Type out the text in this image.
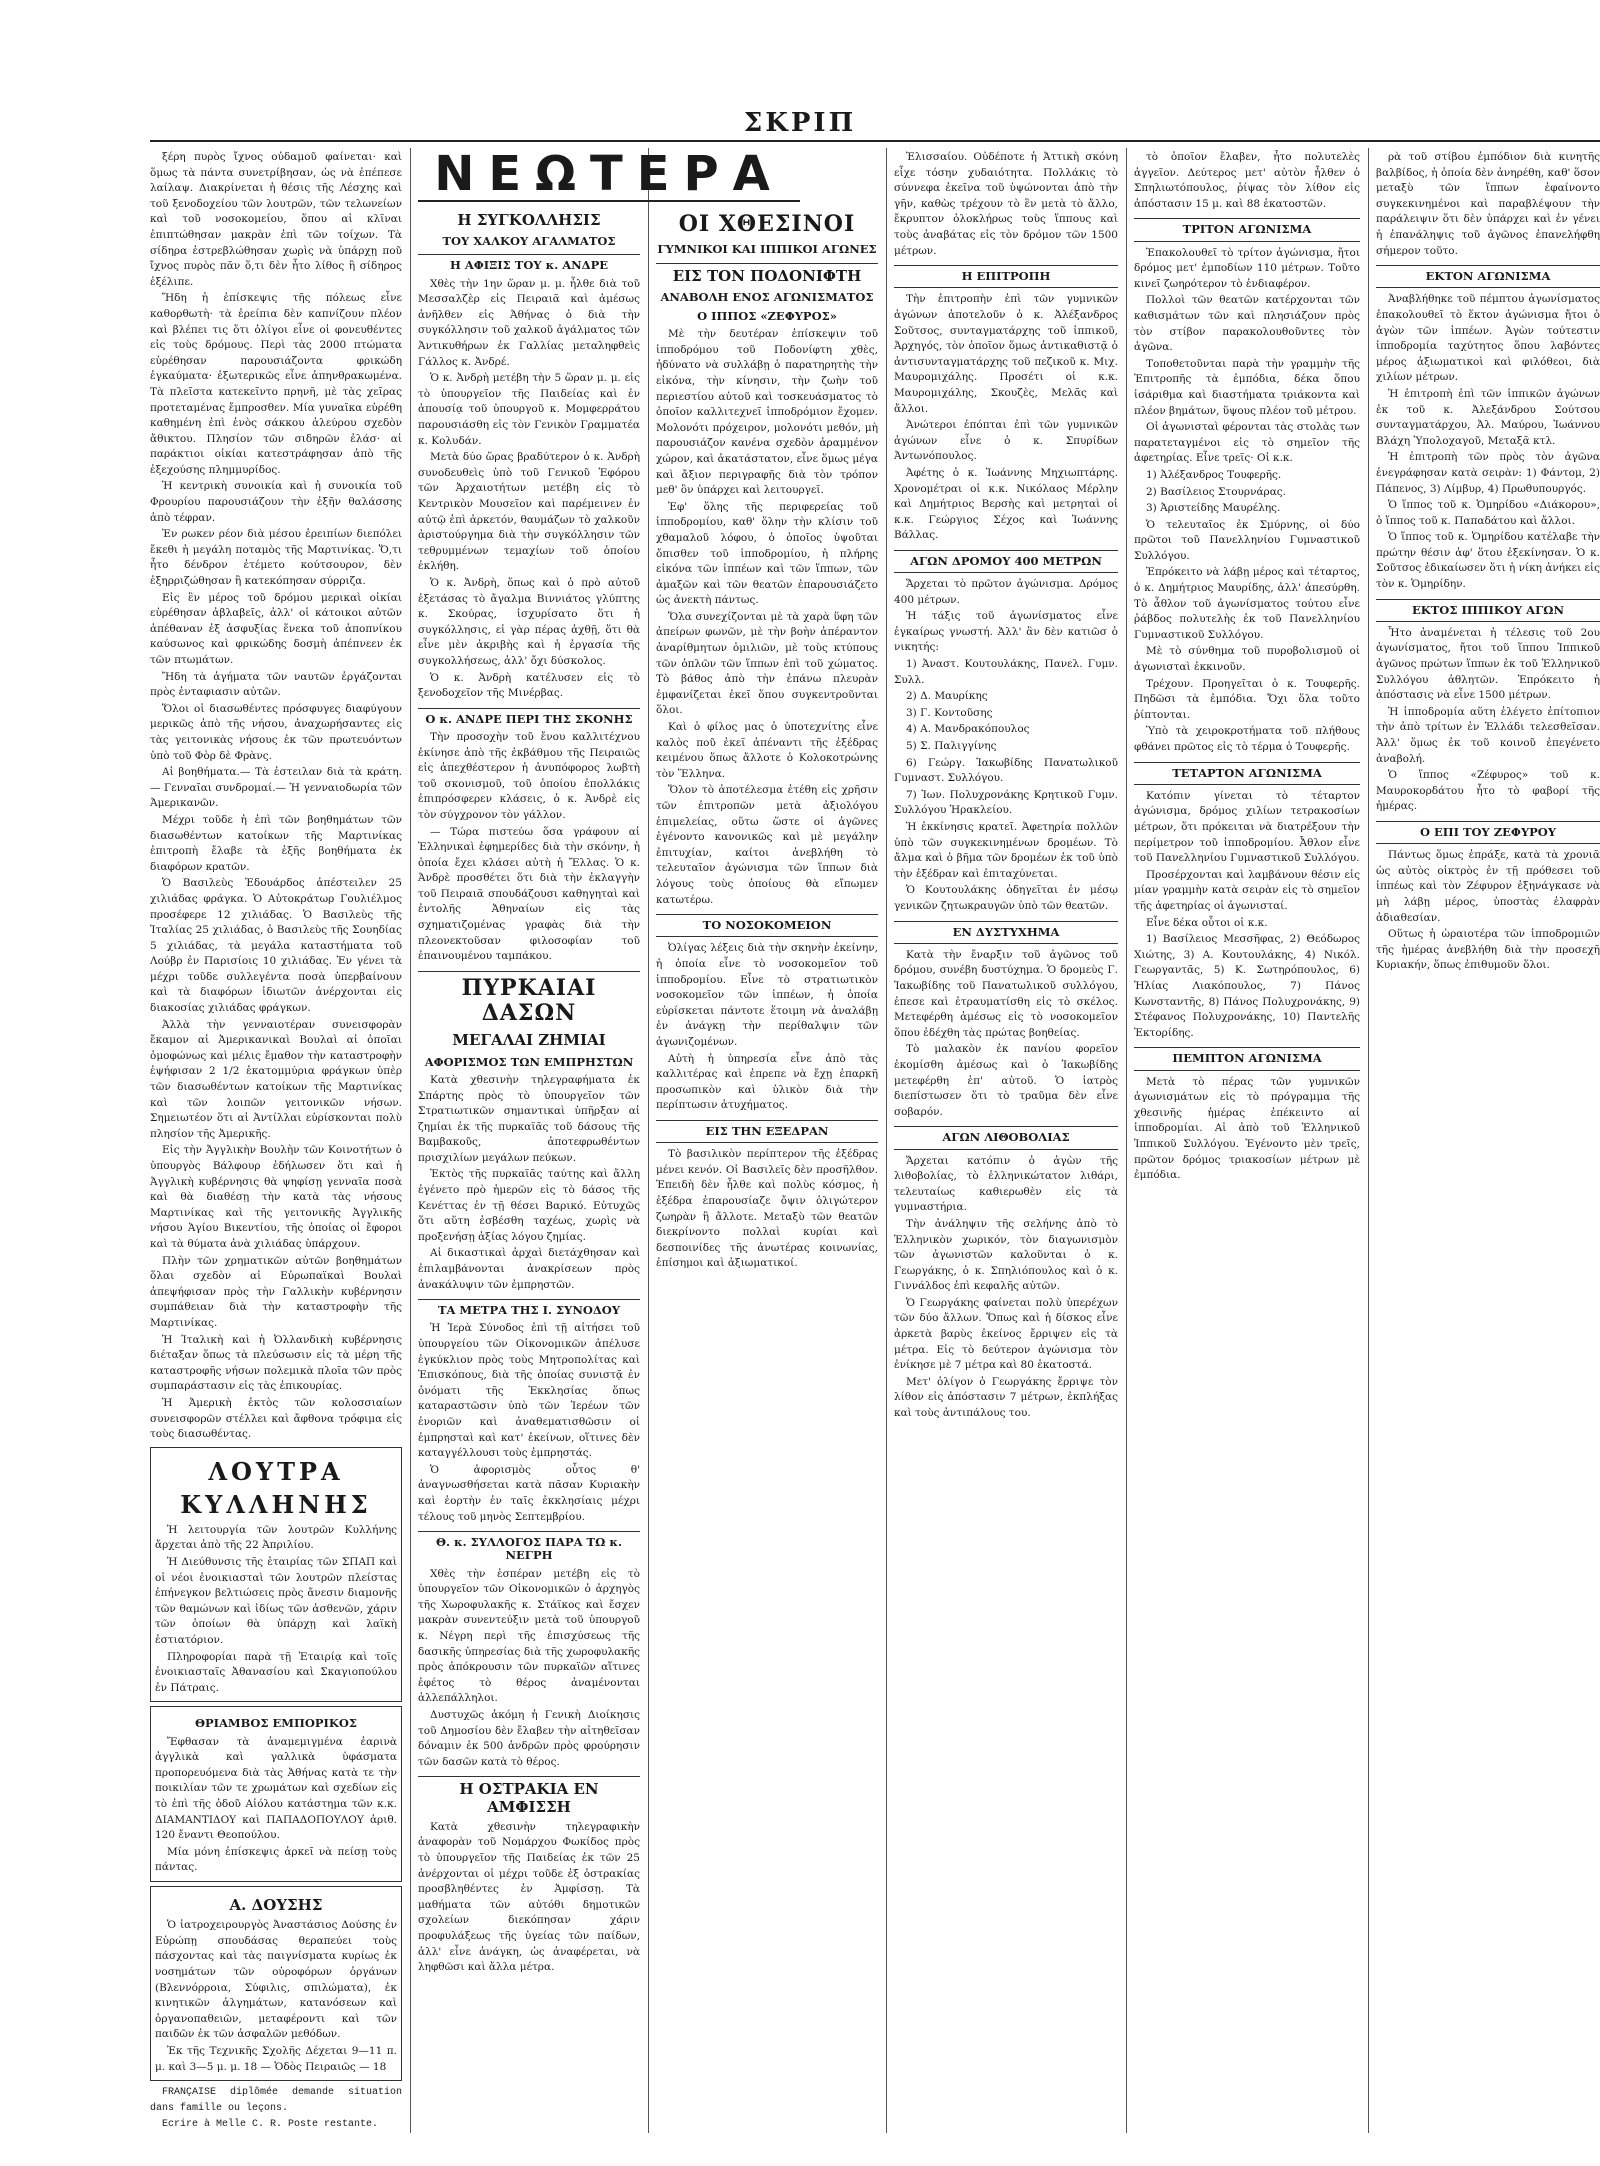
ΣΚΡΙΠ

ξέρη πυρὸς ἴχνος οὐδαμοῦ φαίνεται· καὶ ὅμως τὰ πάντα συνετρίβησαν, ὡς νὰ ἐπέπεσε λαίλαψ. Διακρίνεται ἡ θέσις τῆς Λέσχης καὶ τοῦ ξενοδοχείου τῶν λουτρῶν, τῶν τελωνείων καὶ τοῦ νοσοκομείου, ὅπου αἱ κλῖναι ἐπιπτώθησαν μακρὰν ἐπὶ τῶν τοίχων. Τὰ σίδηρα ἐστρεβλώθησαν χωρὶς νὰ ὑπάρχῃ ποῦ ἴχνος πυρὸς πᾶν ὅ,τι δὲν ἦτο λίθος ἢ σίδηρος ἐξέλιπε.

Ἤδη ἡ ἐπίσκεψις τῆς πόλεως εἶνε καθορθωτὴ· τὰ ἐρείπια δὲν καπνίζουν πλέον καὶ βλέπει τις ὅτι ὀλίγοι εἶνε οἱ φονευθέντες εἰς τοὺς δρόμους. Περὶ τὰς 2000 πτώματα εὑρέθησαν παρουσιάζοντα φρικώδη ἐγκαύματα· ἐξωτερικῶς εἶνε ἀπηνθρακωμένα. Τὰ πλεῖστα κατεκεῖντο πρηνῆ, μὲ τὰς χεῖρας προτεταμένας ἔμπροσθεν. Μία γυναῖκα εὑρέθη καθημένη ἐπὶ ἑνὸς σάκκου ἀλεύρου σχεδὸν ἄθικτου. Πλησίον τῶν σιδηρῶν ἐλάσ· αἱ παράκτιοι οἰκίαι κατεστράφησαν ἀπὸ τῆς ἐξεχούσης πλημμυρίδος.

Ἡ κεντρικὴ συνοικία καὶ ἡ συνοικία τοῦ Φρουρίου παρουσιάζουν τὴν ἐξῆν θαλάσσης ἀπὸ τέφραν.

Ἐν ρωκεν ρέον διὰ μέσου ἐρειπίων διεπόλει ἔκεθι ἡ μεγάλη ποταμὸς τῆς Μαρτινίκας. Ὅ,τι ἦτο δένδρον ἐτέμετο κούτσουρον, δὲν ἐξηρριζώθησαν ἢ κατεκόπησαν σύρριζα.

Εἰς ἓν μέρος τοῦ δρόμου μερικαὶ οἰκίαι εὑρέθησαν ἀβλαβεῖς, ἀλλ' οἱ κάτοικοι αὐτῶν ἀπέθαναν ἐξ ἀσφυξίας ἕνεκα τοῦ ἀποπνίκου καύσωνος καὶ φρικώδης δοσμὴ ἀπέπνεεν ἐκ τῶν πτωμάτων.

Ἤδη τὰ ἀγήματα τῶν ναυτῶν ἐργάζονται πρὸς ἐνταφιασιν αὐτῶν.

Ὅλοι οἱ διασωθέντες πρόσφυγες διαφύγουν μερικῶς ἀπὸ τῆς νήσου, ἀναχωρήσαντες εἰς τὰς γειτονικὰς νήσους ἐκ τῶν πρωτευόντων ὑπὸ τοῦ Φὸρ δὲ Φρὰνς.

Αἱ βοηθήματα.— Τὰ ἐστειλαν διὰ τὰ κράτη.— Γενναῖαι συνδρομαί.— Ἡ γενναιοδωρία τῶν Ἀμερικανῶν.

Μέχρι τοῦδε ἡ ἐπὶ τῶν βοηθημάτων τῶν διασωθέντων κατοίκων τῆς Μαρτινίκας ἐπιτροπὴ ἔλαβε τὰ ἑξῆς βοηθήματα ἐκ διαφόρων κρατῶν.

Ὁ Βασιλεὺς Ἐδουάρδος ἀπέστειλεν 25 χιλιάδας φράγκα. Ὁ Αὐτοκράτωρ Γουλιέλμος προσέφερε 12 χιλιάδας. Ὁ Βασιλεὺς τῆς Ἰταλίας 25 χιλιάδας, ὁ Βασιλεὺς τῆς Σουηδίας 5 χιλιάδας, τὰ μεγάλα καταστήματα τοῦ Λούβρ ἐν Παρισίοις 10 χιλιάδας. Ἐν γένει τὰ μέχρι τοῦδε συλλεγέντα ποσὰ ὑπερβαίνουν καὶ τὰ διαφόρων ἰδιωτῶν ἀνέρχονται εἰς διακοσίας χιλιάδας φράγκων.

Ἀλλὰ τὴν γενναιοτέραν συνεισφορὰν ἔκαμον αἱ Ἀμερικανικαὶ Βουλαὶ αἱ ὁποῖαι ὁμοφώνως καὶ μέλις ἔμαθον τὴν καταστροφὴν ἐψήφισαν 2 1/2 ἑκατομμύρια φράγκων ὑπὲρ τῶν διασωθέντων κατοίκων τῆς Μαρτινίκας καὶ τῶν λοιπῶν γειτονικῶν νήσων. Σημειωτέον ὅτι αἱ Ἀντίλλαι εὑρίσκονται πολὺ πλησίον τῆς Ἀμερικῆς.

Εἰς τὴν Ἀγγλικὴν Βουλὴν τῶν Κοινοτήτων ὁ ὑπουργὸς Βάλφουρ ἐδήλωσεν ὅτι καὶ ἡ Ἀγγλικὴ κυβέρνησις θὰ ψηφίσῃ γενναῖα ποσὰ καὶ θὰ διαθέσῃ τὴν κατὰ τὰς νήσους Μαρτινίκας καὶ τῆς γειτονικῆς Ἀγγλικῆς νήσου Ἁγίου Βικεντίου, τῆς ὁποίας οἱ ἔφοροι καὶ τὰ θύματα ἀνὰ χιλιάδας ὑπάρχουν.

Πλὴν τῶν χρηματικῶν αὐτῶν βοηθημάτων ὅλαι σχεδὸν αἱ Εὐρωπαϊκαὶ Βουλαὶ ἀπεψήφισαν πρὸς τὴν Γαλλικὴν κυβέρνησιν συμπάθειαν διὰ τὴν καταστροφὴν τῆς Μαρτινίκας.

Ἡ Ἰταλικὴ καὶ ἡ Ὀλλανδικὴ κυβέρνησις διέταξαν ὅπως τὰ πλεύσωσιν εἰς τὰ μέρη τῆς καταστροφῆς νήσων πολεμικὰ πλοῖα τῶν πρὸς συμπαράστασιν εἰς τὰς ἐπικουρίας.

Ἡ Ἀμερικὴ ἐκτὸς τῶν κολοσσιαίων συνεισφορῶν στέλλει καὶ ἄφθονα τρόφιμα εἰς τοὺς διασωθέντας.

ΛΟΥΤΡΑ
ΚΥΛΛΗΝΗΣ

Ἡ λειτουργία τῶν λουτρῶν Κυλλήνης ἄρχεται ἀπὸ τῆς 22 Ἀπριλίου.

Ἡ Διεύθυνσις τῆς ἑταιρίας τῶν ΣΠΑΠ καὶ οἱ νέοι ἐνοικιασταὶ τῶν λουτρῶν πλείστας ἐπήνεγκον βελτιώσεις πρὸς ἄνεσιν διαμονῆς τῶν θαμώνων καὶ ἰδίως τῶν ἀσθενῶν, χάριν τῶν ὁποίων θὰ ὑπάρχῃ καὶ λαϊκὴ ἐστιατόριον.

Πληροφορίαι παρὰ τῇ Ἑταιρίᾳ καὶ τοῖς ἐνοικιασταῖς Ἀθανασίου καὶ Σκαγιοπούλου ἐν Πάτραις.

ΘΡΙΑΜΒΟΣ ΕΜΠΟΡΙΚΟΣ

Ἔφθασαν τὰ ἀναμεμιγμένα ἐαρινὰ ἀγγλικὰ καὶ γαλλικὰ ὑφάσματα προπορευόμενα διὰ τὰς Ἀθήνας κατὰ τε τὴν ποικιλίαν τῶν τε χρωμάτων καὶ σχεδίων εἰς τὸ ἐπὶ τῆς ὁδοῦ Αἰόλου κατάστημα τῶν κ.κ. ΔΙΑΜΑΝΤΙΔΟΥ καὶ ΠΑΠΑΔΟΠΟΥΛΟΥ ἀριθ. 120 ἔναντι Θεοπούλου.

Μία μόνη ἐπίσκεψις ἀρκεῖ νὰ πείσῃ τοὺς πάντας.

Α. ΔΟΥΣΗΣ

Ὁ ἰατροχειρουργὸς Ἀναστάσιος Δούσης ἐν Εὐρώπῃ σπουδάσας θεραπεύει τοὺς πάσχοντας καὶ τὰς παιγνίσματα κυρίως ἐκ νοσημάτων τῶν οὐροφόρων ὀργάνων (Βλεννόρροια, Σύφιλις, σπιλώματα), ἐκ κινητικῶν ἀλγημάτων, κατανόσεων καὶ ὀργανοπαθειῶν, μεταφέροντι καὶ τῶν παιδῶν ἐκ τῶν ἀσφαλῶν μεθόδων.

Ἐκ τῆς Τεχνικῆς Σχολῆς Δέχεται 9—11 π. μ. καὶ 3—5 μ. μ. 18 — Ὁδὸς Πειραιῶς — 18

FRANÇAISE diplômée demande situation dans famille ou leçons.

Ecrire à Melle C. R. Poste restante.

ΝΕΩΤΕΡΑ
Η ΣΥΓΚΟΛΛΗΣΙΣ
ΤΟΥ ΧΑΛΚΟΥ ΑΓΑΛΜΑΤΟΣ
Η ΑΦΙΞΙΣ ΤΟΥ κ. ΑΝΔΡΕ

Χθὲς τὴν 1ην ὥραν μ. μ. ἦλθε διὰ τοῦ Μεσσαλζὲρ εἰς Πειραιᾶ καὶ ἀμέσως ἀνῆλθεν εἰς Ἀθήνας ὁ διὰ τὴν συγκόλλησιν τοῦ χαλκοῦ ἀγάλματος τῶν Ἀντικυθήρων ἐκ Γαλλίας μεταληφθεὶς Γάλλος κ. Ἀνδρέ.

Ὁ κ. Ἀνδρὴ μετέβη τὴν 5 ὥραν μ. μ. εἰς τὸ ὑπουργεῖον τῆς Παιδείας καὶ ἐν ἀπουσίᾳ τοῦ ὑπουργοῦ κ. Μομφερράτου παρουσιάσθη εἰς τὸν Γενικὸν Γραμματέα κ. Κολυδάν.

Μετὰ δύο ὥρας βραδύτερον ὁ κ. Ἀνδρὴ συνοδευθεὶς ὑπὸ τοῦ Γενικοῦ Ἐφόρου τῶν Ἀρχαιοτήτων μετέβη εἰς τὸ Κεντρικὸν Μουσεῖον καὶ παρέμεινεν ἐν αὐτῷ ἐπὶ ἀρκετόν, θαυμάζων τὸ χαλκοῦν ἀριστούργημα διὰ τὴν συγκόλλησιν τῶν τεθρυμμένων τεμαχίων τοῦ ὁποίου ἐκλήθη.

Ὁ κ. Ἀνδρὴ, ὅπως καὶ ὁ πρὸ αὐτοῦ ἐξετάσας τὸ ἄγαλμα Βιννιάτος γλύπτης κ. Σκούρας, ἰσχυρίσατο ὅτι ἡ συγκόλλησις, εἰ γὰρ πέρας ἀχθῇ, ὅτι θὰ εἶνε μὲν ἀκριβὴς καὶ ἡ ἐργασία τῆς συγκολλήσεως, ἀλλ' ὄχι δύσκολος.

Ὁ κ. Ἀνδρὴ κατέλυσεν εἰς τὸ ξενοδοχεῖον τῆς Μινέρβας.

Ο κ. ΑΝΔΡΕ ΠΕΡΙ ΤΗΣ ΣΚΟΝΗΣ

Τὴν προσοχὴν τοῦ ἔνου καλλιτέχνου ἐκίνησε ἀπὸ τῆς ἐκβάθμου τῆς Πειραιῶς εἰς ἀπεχθέστερον ἡ ἀνυπόφορος λωβτὴ τοῦ σκονισμοῦ, τοῦ ὁποίου ἐπολλάκις ἐπιπρόσφερεν κλάσεις, ὁ κ. Ἀνδρὲ εἰς τὸν σύγχρονον τὸν γάλλον.

— Τώρα πιστεύω ὅσα γράφουν αἱ Ἑλληνικαὶ ἐφημερίδες διὰ τὴν σκόνην, ἡ ὁποία ἔχει κλάσει αὐτὴ ἡ Ἔλλας. Ὁ κ. Ἀνδρὲ προσθέτει ὅτι διὰ τὴν ἐκλαγγὴν τοῦ Πειραιᾶ σπουδάζουσι καθηγηταὶ καὶ ἐντολῆς Ἀθηναίων εἰς τὰς σχηματιζομένας γραφὰς διὰ τὴν πλεονεκτοῦσαν φιλοσοφίαν τοῦ ἐπαινουμένου ταμπάκου.

ΠΥΡΚΑΙΑΙ ΔΑΣΩΝ
ΜΕΓΑΛΑΙ ΖΗΜΙΑΙ
ΑΦΟΡΙΣΜΟΣ ΤΩΝ ΕΜΠΡΗΣΤΩΝ

Κατὰ χθεσινὴν τηλεγραφήματα ἐκ Σπάρτης πρὸς τὸ ὑπουργεῖον τῶν Στρατιωτικῶν σημαντικαὶ ὑπῆρξαν αἱ ζημίαι ἐκ τῆς πυρκαϊᾶς τοῦ δάσους τῆς Βαμβακοῦς, ἀποτεφρωθέντων πρισχιλίων μεγάλων πεύκων.

Ἐκτὸς τῆς πυρκαϊᾶς ταύτης καὶ ἄλλη ἐγένετο πρὸ ἡμερῶν εἰς τὸ δάσος τῆς Κενέττας ἐν τῇ θέσει Βαρικό. Εὐτυχῶς ὅτι αὕτη ἐσβέσθη ταχέως, χωρὶς νὰ προξενήσῃ ἀξίας λόγου ζημίας.

Αἱ δικαστικαὶ ἀρχαὶ διετάχθησαν καὶ ἐπιλαμβάνονται ἀνακρίσεων πρὸς ἀνακάλυψιν τῶν ἐμπρηστῶν.

ΤΑ ΜΕΤΡΑ ΤΗΣ Ι. ΣΥΝΟΔΟΥ

Ἡ Ἱερὰ Σύνοδος ἐπὶ τῇ αἰτήσει τοῦ ὑπουργείου τῶν Οἰκονομικῶν ἀπέλυσε ἐγκύκλιον πρὸς τοὺς Μητροπολίτας καὶ Ἐπισκόπους, διὰ τῆς ὁποίας συνιστᾷ ἐν ὀνόματι τῆς Ἐκκλησίας ὅπως καταραστῶσιν ὑπὸ τῶν Ἱερέων τῶν ἐνοριῶν καὶ ἀναθεματισθῶσιν οἱ ἐμπρησταὶ καὶ κατ' ἐκείνων, οἵτινες δὲν καταγγέλλουσι τοὺς ἐμπρηστάς.

Ὁ ἀφορισμὸς οὗτος θ' ἀναγνωσθήσεται κατὰ πᾶσαν Κυριακὴν καὶ ἑορτὴν ἐν ταῖς ἐκκλησίαις μέχρι τέλους τοῦ μηνὸς Σεπτεμβρίου.

Θ. κ. ΣΥΛΛΟΓΟΣ ΠΑΡΑ ΤΩ κ. ΝΕΓΡΗ

Χθὲς τὴν ἑσπέραν μετέβη εἰς τὸ ὑπουργεῖον τῶν Οἰκονομικῶν ὁ ἀρχηγὸς τῆς Χωροφυλακῆς κ. Στάϊκος καὶ ἔσχεν μακρὰν συνεντεύξιν μετὰ τοῦ ὑπουργοῦ κ. Νέγρη περὶ τῆς ἐπισχύσεως τῆς δασικῆς ὑπηρεσίας διὰ τῆς χωροφυλακῆς πρὸς ἀπόκρουσιν τῶν πυρκαϊῶν αἵτινες ἐφέτος τὸ θέρος ἀναμένονται ἀλλεπάλληλοι.

Δυστυχῶς ἀκόμη ἡ Γενικὴ Διοίκησις τοῦ Δημοσίου δὲν ἔλαβεν τὴν αἰτηθεῖσαν δόναμιν ἐκ 500 ἀνδρῶν πρὸς φρούρησιν τῶν δασῶν κατὰ τὸ θέρος.

Η ΟΣΤΡΑΚΙΑ ΕΝ ΑΜΦΙΣΣΗ

Κατὰ χθεσινὴν τηλεγραφικὴν ἀναφορὰν τοῦ Νομάρχου Φωκίδος πρὸς τὸ ὑπουργεῖον τῆς Παιδείας ἐκ τῶν 25 ἀνέρχονται οἱ μέχρι τοῦδε ἐξ ὀστρακίας προσβληθέντες ἐν Ἀμφίσσῃ. Τὰ μαθήματα τῶν αὐτόθι δημοτικῶν σχολείων διεκόπησαν χάριν προφυλάξεως τῆς ὑγείας τῶν παίδων, ἀλλ' εἶνε ἀνάγκη, ὡς ἀναφέρεται, νὰ ληφθῶσι καὶ ἄλλα μέτρα.

ΟΙ ΧΘΕΣΙΝΟΙ
ΓΥΜΝΙΚΟΙ ΚΑΙ ΙΠΠΙΚΟΙ ΑΓΩΝΕΣ
ΕΙΣ ΤΟΝ ΠΟΔΟΝΙΦΤΗ
ΑΝΑΒΟΛΗ ΕΝΟΣ ΑΓΩΝΙΣΜΑΤΟΣ
Ο ΙΠΠΟΣ «ΖΕΦΥΡΟΣ»

Μὲ τὴν δευτέραν ἐπίσκεψιν τοῦ ἱπποδρόμου τοῦ Ποδονίφτη χθὲς, ἠδύνατο νὰ συλλάβῃ ὁ παρατηρητὴς τὴν εἰκόνα, τὴν κίνησιν, τὴν ζωὴν τοῦ περιεστίου αὐτοῦ καὶ τοσκευάσματος τὸ ὁποῖον καλλιτεχνεῖ ἱπποδρόμιον ἔχομεν. Μολονότι πρόχειρον, μολονότι μεθόν, μὴ παρουσιάζον κανένα σχεδὸν ἀραμμένον χώρον, καὶ ἀκατάστατον, εἶνε ὅμως μέγα καὶ ἄξιον περιγραφῆς διὰ τὸν τρόπον μεθ' ὃν ὑπάρχει καὶ λειτουργεῖ.

Ἐφ' ὅλης τῆς περιφερείας τοῦ ἱπποδρομίου, καθ' ὅλην τὴν κλίσιν τοῦ χθαμαλοῦ λόφου, ὁ ὁποῖος ὑψοῦται ὄπισθεν τοῦ ἱπποδρομίου, ἡ πλήρης εἰκόνα τῶν ἱππέων καὶ τῶν ἵππων, τῶν ἀμαξῶν καὶ τῶν θεατῶν ἐπαρουσιάζετο ὡς ἀνεκτὴ πάντως.

Ὅλα συνεχίζονται μὲ τὰ χαρὰ ὕφη τῶν ἀπείρων φωνῶν, μὲ τὴν βοὴν ἀπέραντον ἀναρίθμητων ὁμιλιῶν, μὲ τοὺς κτύπους τῶν ὁπλῶν τῶν ἵππων ἐπὶ τοῦ χώματος. Τὸ βάθος ἀπὸ τὴν ἐπάνω πλευρὰν ἐμφανίζεται ἐκεῖ ὅπου συγκεντροῦνται ὅλοι.

Καὶ ὁ φίλος μας ὁ ὑποτεχνίτης εἶνε καλὸς ποῦ ἐκεῖ ἀπέναντι τῆς ἐξέδρας κειμένου ὅπως ἄλλοτε ὁ Κολοκοτρώνης τὸν Ἕλληνα.

Ὅλον τὸ ἀποτέλεσμα ἐτέθη εἰς χρῆσιν τῶν ἐπιτροπῶν μετὰ ἀξιολόγου ἐπιμελείας, οὕτω ὥστε οἱ ἀγῶνες ἐγένοντο κανονικῶς καὶ μὲ μεγάλην ἐπιτυχίαν, καίτοι ἀνεβλήθη τὸ τελευταῖον ἀγώνισμα τῶν ἵππων διὰ λόγους τοὺς ὁποίους θὰ εἴπωμεν κατωτέρω.

ΤΟ ΝΟΣΟΚΟΜΕΙΟΝ

Ὀλίγας λέξεις διὰ τὴν σκηνὴν ἐκείνην, ἡ ὁποία εἶνε τὸ νοσοκομεῖον τοῦ ἱπποδρομίου. Εἶνε τὸ στρατιωτικὸν νοσοκομεῖον τῶν ἱππέων, ἡ ὁποία εὑρίσκεται πάντοτε ἕτοιμη νὰ ἀναλάβῃ ἐν ἀνάγκῃ τὴν περίθαλψιν τῶν ἀγωνιζομένων.

Αὐτὴ ἡ ὑπηρεσία εἶνε ἀπὸ τὰς καλλιτέρας καὶ ἐπρεπε νὰ ἔχῃ ἐπαρκῆ προσωπικὸν καὶ ὑλικὸν διὰ τὴν περίπτωσιν ἀτυχήματος.

ΕΙΣ ΤΗΝ ΕΞΕΔΡΑΝ

Τὸ βασιλικὸν περίπτερον τῆς ἐξέδρας μένει κενόν. Οἱ Βασιλεῖς δὲν προσῆλθον. Ἐπειδὴ δὲν ἦλθε καὶ πολὺς κόσμος, ἡ ἐξέδρα ἐπαρουσίαζε ὄψιν ὀλιγώτερον ζωηρὰν ἢ ἄλλοτε. Μεταξὺ τῶν θεατῶν διεκρίνοντο πολλαὶ κυρίαι καὶ δεσποινίδες τῆς ἀνωτέρας κοινωνίας, ἐπίσημοι καὶ ἀξιωματικοί.

Ἐλισσαίου. Οὐδέποτε ἡ Ἀττικὴ σκόνη εἶχε τόσην χυδαιότητα. Πολλάκις τὸ σύννεφα ἐκεῖνα τοῦ ὑψώνονται ἀπὸ τὴν γῆν, καθὼς τρέχουν τὸ ἓν μετὰ τὸ ἄλλο, ἔκρυπτον ὁλοκλήρως τοὺς ἵππους καὶ τοὺς ἀναβάτας εἰς τὸν δρόμον τῶν 1500 μέτρων.

Η ΕΠΙΤΡΟΠΗ

Τὴν ἐπιτροπὴν ἐπὶ τῶν γυμνικῶν ἀγώνων ἀποτελοῦν ὁ κ. Ἀλέξανδρος Σοῦτσος, συνταγματάρχης τοῦ ἱππικοῦ, Ἀρχηγός, τὸν ὁποῖον ὅμως ἀντικαθιστᾷ ὁ ἀντισυνταγματάρχης τοῦ πεζικοῦ κ. Μιχ. Μαυρομιχάλης. Προσέτι οἱ κ.κ. Μαυρομιχάλης, Σκουζὲς, Μελᾶς καὶ ἄλλοι.

Ἀνώτεροι ἐπόπται ἐπὶ τῶν γυμνικῶν ἀγώνων εἶνε ὁ κ. Σπυρίδων Ἀντωνόπουλος.

Ἀφέτης ὁ κ. Ἰωάννης Μηχιωπτάρης. Χρονομέτραι οἱ κ.κ. Νικόλαος Μέρλην καὶ Δημήτριος Βερσὴς καὶ μετρηταὶ οἱ κ.κ. Γεώργιος Σέχος καὶ Ἰωάννης Βάλλας.

ΑΓΩΝ ΔΡΟΜΟΥ 400 ΜΕΤΡΩΝ

Ἄρχεται τὸ πρῶτον ἀγώνισμα. Δρόμος 400 μέτρων.

Ἡ τάξις τοῦ ἀγωνίσματος εἶνε ἐγκαίρως γνωστή. Ἀλλ' ἂν δὲν κατιῶσ ὁ νικητής:

1) Ἀναστ. Κουτουλάκης, Πανελ. Γυμν. Συλλ.

2) Δ. Μαυρίκης

3) Γ. Κοντοῦσης

4) Α. Μανδρακόπουλος

5) Σ. Παλιγγίνης

6) Γεώργ. Ἰακωβίδης Πανατωλικοῦ Γυμναστ. Συλλόγου.

7) Ἰων. Πολυχρονάκης Κρητικοῦ Γυμν. Συλλόγου Ἡρακλείου.

Ἡ ἐκκίνησις κρατεῖ. Ἀφετηρία πολλῶν ὑπὸ τῶν συγκεκινημένων δρομέων. Τὸ ἄλμα καὶ ὁ βῆμα τῶν δρομέων ἐκ τοῦ ὑπὸ τὴν ἐξέδραν καὶ ἐπιταχύνεται.

Ὁ Κουτουλάκης ὁδηγεῖται ἐν μέσῳ γενικῶν ζητωκραυγῶν ὑπὸ τῶν θεατῶν.

ΕΝ ΔΥΣΤΥΧΗΜΑ

Κατὰ τὴν ἔναρξιν τοῦ ἀγῶνος τοῦ δρόμου, συνέβη δυστύχημα. Ὁ δρομεὺς Γ. Ἰακωβίδης τοῦ Πανατωλικοῦ συλλόγου, ἐπεσε καὶ ἐτραυματίσθη εἰς τὸ σκέλος. Μετεφέρθη ἀμέσως εἰς τὸ νοσοκομεῖον ὅπου ἐδέχθη τὰς πρώτας βοηθείας.

Τὸ μαλακὸν ἐκ πανίου φορεῖον ἐκομίσθη ἀμέσως καὶ ὁ Ἰακωβίδης μετεφέρθη ἐπ' αὐτοῦ. Ὁ ἰατρὸς διεπίστωσεν ὅτι τὸ τραῦμα δὲν εἶνε σοβαρόν.

ΑΓΩΝ ΛΙΘΟΒΟΛΙΑΣ

Ἄρχεται κατόπιν ὁ ἀγὼν τῆς λιθοβολίας, τὸ ἑλληνικώτατον λιθάρι, τελευταίως καθιερωθὲν εἰς τὰ γυμναστήρια.

Τὴν ἀνάληψιν τῆς σελήνης ἀπὸ τὸ Ἑλληνικὸν χωρικόν, τὸν διαγωνισμὸν τῶν ἀγωνιστῶν καλοῦνται ὁ κ. Γεωργάκης, ὁ κ. Σπηλιόπουλος καὶ ὁ κ. Γιννάλδος ἐπὶ κεφαλῆς αὐτῶν.

Ὁ Γεωργάκης φαίνεται πολὺ ὑπερέχων τῶν δύο ἄλλων. Ὅπως καὶ ἡ δίσκος εἶνε ἀρκετὰ βαρὺς ἐκείνος ἔρριψεν εἰς τὰ μέτρα. Εἰς τὸ δεύτερον ἀγώνισμα τὸν ἐνίκησε μὲ 7 μέτρα καὶ 80 ἑκατοστά.

Μετ' ὀλίγον ὁ Γεωργάκης ἔρριψε τὸν λίθον εἰς ἀπόστασιν 7 μέτρων, ἐκπλήξας καὶ τοὺς ἀντιπάλους του.

τὸ ὁποῖον ἔλαβεν, ἦτο πολυτελὲς ἀγγεῖον. Δεύτερος μετ' αὐτὸν ἦλθεν ὁ Σπηλιωτόπουλος, ῥίψας τὸν λίθον εἰς ἀπόστασιν 15 μ. καὶ 88 ἑκατοστῶν.

ΤΡΙΤΟΝ ΑΓΩΝΙΣΜΑ

Ἐπακολουθεῖ τὸ τρίτον ἀγώνισμα, ἤτοι δρόμος μετ' ἐμποδίων 110 μέτρων. Τοῦτο κινεῖ ζωηρότερον τὸ ἐνδιαφέρον.

Πολλοὶ τῶν θεατῶν κατέρχονται τῶν καθισμάτων τῶν καὶ πλησιάζουν πρὸς τὸν στίβον παρακολουθοῦντες τὸν ἀγῶνα.

Τοποθετοῦνται παρὰ τὴν γραμμὴν τῆς Ἐπιτροπῆς τὰ ἐμπόδια, δέκα ὅπου ἰσάριθμα καὶ διαστήματα τριάκοντα καὶ πλέον βημάτων, ὕψους πλέον τοῦ μέτρου.

Οἱ ἀγωνισταὶ φέρονται τὰς στολὰς των παρατεταγμένοι εἰς τὸ σημεῖον τῆς ἀφετηρίας. Εἶνε τρεῖς· Οἱ κ.κ.

1) Ἀλέξανδρος Τουφερῆς.

2) Βασίλειος Στουρνάρας.

3) Ἀριστείδης Μαυρέλης.

Ὁ τελευταῖος ἐκ Σμύρνης, οἱ δύο πρῶτοι τοῦ Πανελληνίου Γυμναστικοῦ Συλλόγου.

Ἐπρόκειτο νὰ λάβῃ μέρος καὶ τέταρτος, ὁ κ. Δημήτριος Μαυρίδης, ἀλλ' ἀπεσύρθη. Τὸ ἆθλον τοῦ ἀγωνίσματος τούτου εἶνε ῥάβδος πολυτελὴς ἐκ τοῦ Πανελληνίου Γυμναστικοῦ Συλλόγου.

Μὲ τὸ σύνθημα τοῦ πυροβολισμοῦ οἱ ἀγωνισταὶ ἐκκινοῦν.

Τρέχουν. Προηγεῖται ὁ κ. Τουφερῆς. Πηδῶσι τὰ ἐμπόδια. Ὄχι ὅλα τοῦτο ῥίπτονται.

Ὑπὸ τὰ χειροκροτήματα τοῦ πλήθους φθάνει πρῶτος εἰς τὸ τέρμα ὁ Τουφερῆς.

ΤΕΤΑΡΤΟΝ ΑΓΩΝΙΣΜΑ

Κατόπιν γίνεται τὸ τέταρτον ἀγώνισμα, δρόμος χιλίων τετρακοσίων μέτρων, ὅτι πρόκειται νὰ διατρέξουν τὴν περίμετρον τοῦ ἱπποδρομίου. Ἆθλον εἶνε τοῦ Πανελληνίου Γυμναστικοῦ Συλλόγου.

Προσέρχονται καὶ λαμβάνουν θέσιν εἰς μίαν γραμμὴν κατὰ σειρὰν εἰς τὸ σημεῖον τῆς ἀφετηρίας οἱ ἀγωνισταί.

Εἶνε δέκα οὗτοι οἱ κ.κ.

1) Βασίλειος Μεσσῆφας, 2) Θεόδωρος Χιώτης, 3) Α. Κουτουλάκης, 4) Νικόλ. Γεωργαντᾶς, 5) Κ. Σωτηρόπουλος, 6) Ἠλίας Λιακόπουλος, 7) Πάνος Κωνσταντῆς, 8) Πάνος Πολυχρονάκης, 9) Στέφανος Πολυχρονάκης, 10) Παντελῆς Ἐκτορίδης.

ΠΕΜΠΤΟΝ ΑΓΩΝΙΣΜΑ

Μετὰ τὸ πέρας τῶν γυμνικῶν ἀγωνισμάτων εἰς τὸ πρόγραμμα τῆς χθεσινῆς ἡμέρας ἐπέκειντο αἱ ἱπποδρομίαι. Αἱ ἀπὸ τοῦ Ἑλληνικοῦ Ἱππικοῦ Συλλόγου. Ἐγένοντο μὲν τρεῖς, πρῶτον δρόμος τριακοσίων μέτρων μὲ ἐμπόδια.

ρὰ τοῦ στίβου ἐμπόδιον διὰ κινητῆς βαλβίδος, ἡ ὁποία δὲν ἀνηρέθη, καθ' ὅσον μεταξὺ τῶν ἵππων ἐφαίνοντο συγκεκινημένοι καὶ παραβλέψουν τὴν παράλειψιν ὅτι δὲν ὑπάρχει καὶ ἐν γένει ἡ ἐπανάληψις τοῦ ἀγῶνος ἐπανελήφθη σήμερον τοῦτο.

ΕΚΤΟΝ ΑΓΩΝΙΣΜΑ

Ἀναβλήθηκε τοῦ πέμπτου ἀγωνίσματος ἐπακολουθεῖ τὸ ἕκτον ἀγώνισμα ἤτοι ὁ ἀγὼν τῶν ἱππέων. Ἀγὼν τούτεστιν ἱπποδρομία ταχύτητος ὅπου λαβόντες μέρος ἀξιωματικοὶ καὶ φιλόθεοι, διὰ χιλίων μέτρων.

Ἡ ἐπιτροπὴ ἐπὶ τῶν ἱππικῶν ἀγώνων ἐκ τοῦ κ. Ἀλεξάνδρου Σούτσου συνταγματάρχου, Ἀλ. Μαύρου, Ἰωάννου Βλάχη Ὑπολοχαγοῦ, Μεταξᾶ κτλ.

Ἡ ἐπιτροπὴ τῶν πρὸς τὸν ἀγῶνα ἐνεγράφησαν κατὰ σειρὰν: 1) Φάντομ, 2) Πάπενος, 3) Λίμβυρ, 4) Πρωθυπουργός.

Ὁ ἵππος τοῦ κ. Ὁμηρίδου «Διάκορου», ὁ ἵππος τοῦ κ. Παπαδάτου καὶ ἄλλοι.

Ὁ ἵππος τοῦ κ. Ὁμηρίδου κατέλαβε τὴν πρώτην θέσιν ἀφ' ὅτου ἐξεκίνησαν. Ὁ κ. Σοῦτσος ἐδικαίωσεν ὅτι ἡ νίκη ἀνήκει εἰς τὸν κ. Ὁμηρίδην.

ΕΚΤΟΣ ΙΠΠΙΚΟΥ ΑΓΩΝ

Ἦτο ἀναμένεται ἡ τέλεσις τοῦ 2ου ἀγωνίσματος, ἤτοι τοῦ ἵππου Ἱππικοῦ ἀγῶνος πρώτων ἵππων ἐκ τοῦ Ἑλληνικοῦ Συλλόγου ἀθλητῶν. Ἐπρόκειτο ἡ ἀπόστασις νὰ εἶνε 1500 μέτρων.

Ἡ ἱπποδρομία αὕτη ἐλέγετο ἐπίτοπιον τὴν ἀπὸ τρίτων ἐν Ἑλλάδι τελεσθεῖσαν. Ἀλλ' ὅμως ἐκ τοῦ κοινοῦ ἐπεγένετο ἀναβολή.

Ὁ ἵππος «Ζέφυρος» τοῦ κ. Μαυροκορδάτου ἦτο τὸ φαβορί τῆς ἡμέρας.

Ο ΕΠΙ ΤΟΥ ΖΕΦΥΡΟΥ

Πάντως ὅμως ἐπράξε, κατὰ τὰ χρονιᾶ ὡς αὐτὸς οἰκτρὸς ἐν τῇ πρόθεσει τοῦ ἱππέως καὶ τὸν Ζέφυρον ἐξηνάγκασε νὰ μὴ λάβῃ μέρος, ὑποστὰς ἐλαφρὰν ἀδιαθεσίαν.

Οὕτως ἡ ὡραιοτέρα τῶν ἱπποδρομιῶν τῆς ἡμέρας ἀνεβλήθη διὰ τὴν προσεχῆ Κυριακήν, ὅπως ἐπιθυμοῦν ὅλοι.
